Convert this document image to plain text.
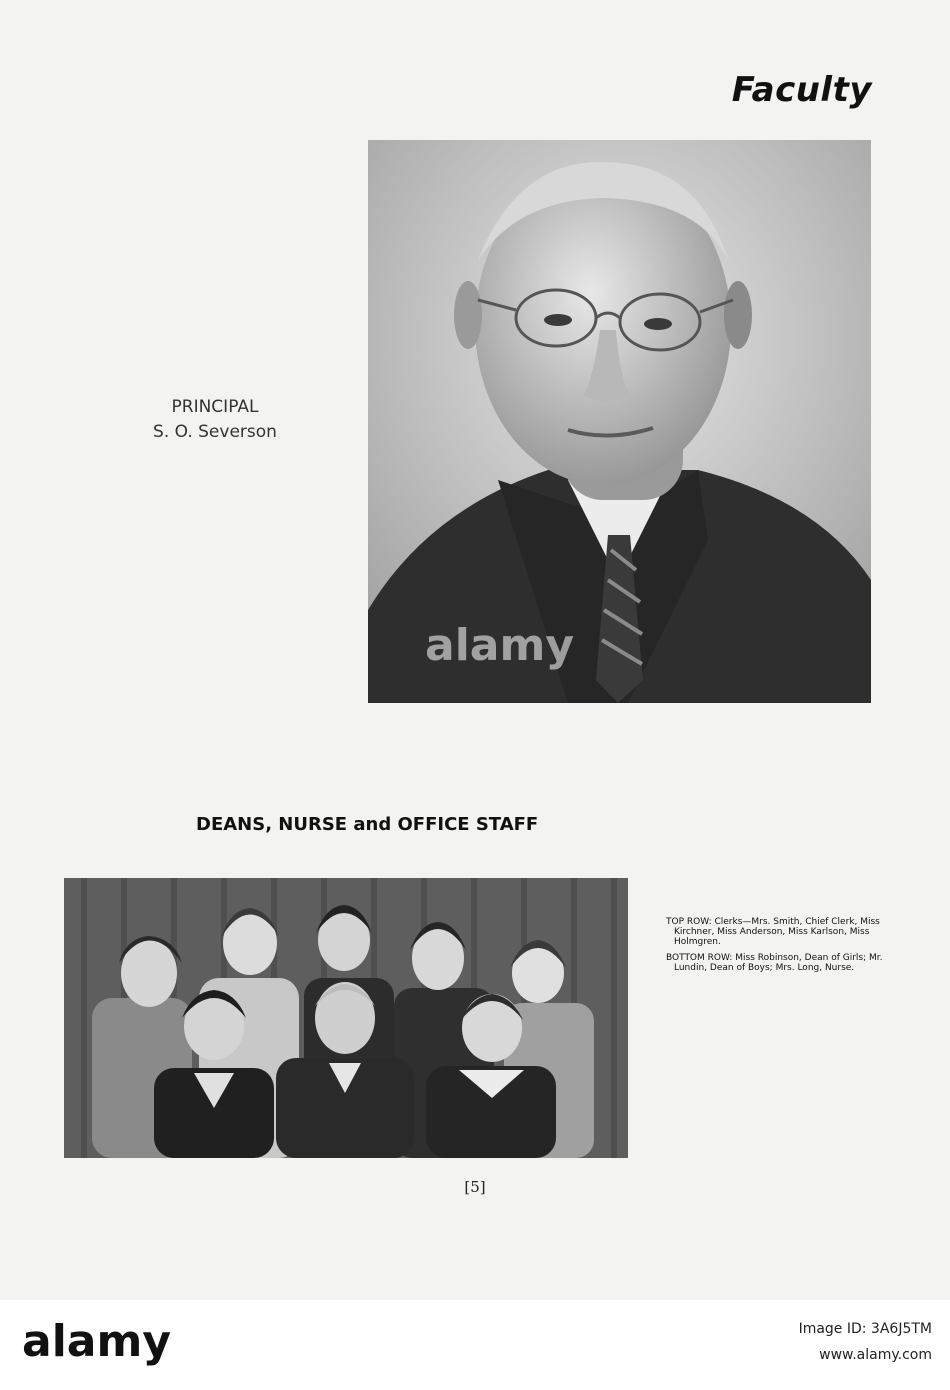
Faculty
PRINCIPAL
S. O. Severson
DEANS, NURSE and OFFICE STAFF

TOP ROW: Clerks—Mrs. Smith, Chief Clerk, Miss Kirchner, Miss Anderson, Miss Karlson, Miss Holmgren.

BOTTOM ROW: Miss Robinson, Dean of Girls; Mr. Lundin, Dean of Boys; Mrs. Long, Nurse.

[5]
alamy
alamy	Image ID: 3A6J5TM
www.alamy.com
